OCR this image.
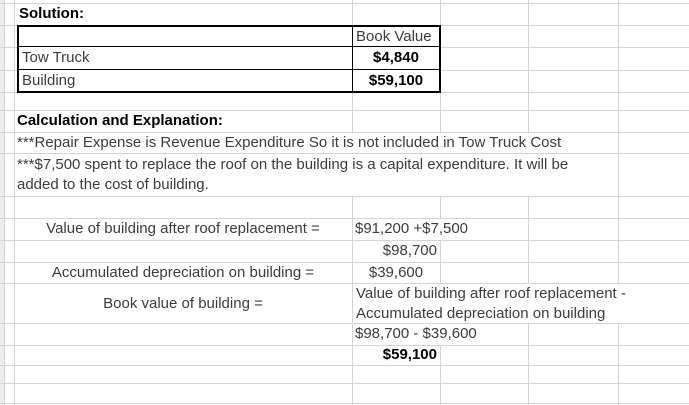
Solution:
Book Value
Tow Truck	$4,840
Building	$59,100
Calculation and Explanation:
***Repair Expense is Revenue Expenditure So it is not included in Tow Truck Cost
***$7,500 spent to replace the roof on the building is a capital expenditure. It will be
added to the cost of building.
Value of building after roof replacement =	$91,200 +$7,500
$98,700
Accumulated depreciation on building =	$39,600
Book value of building =
Value of building after roof replacement -
Accumulated depreciation on building
$98,700 - $39,600
$59,100
